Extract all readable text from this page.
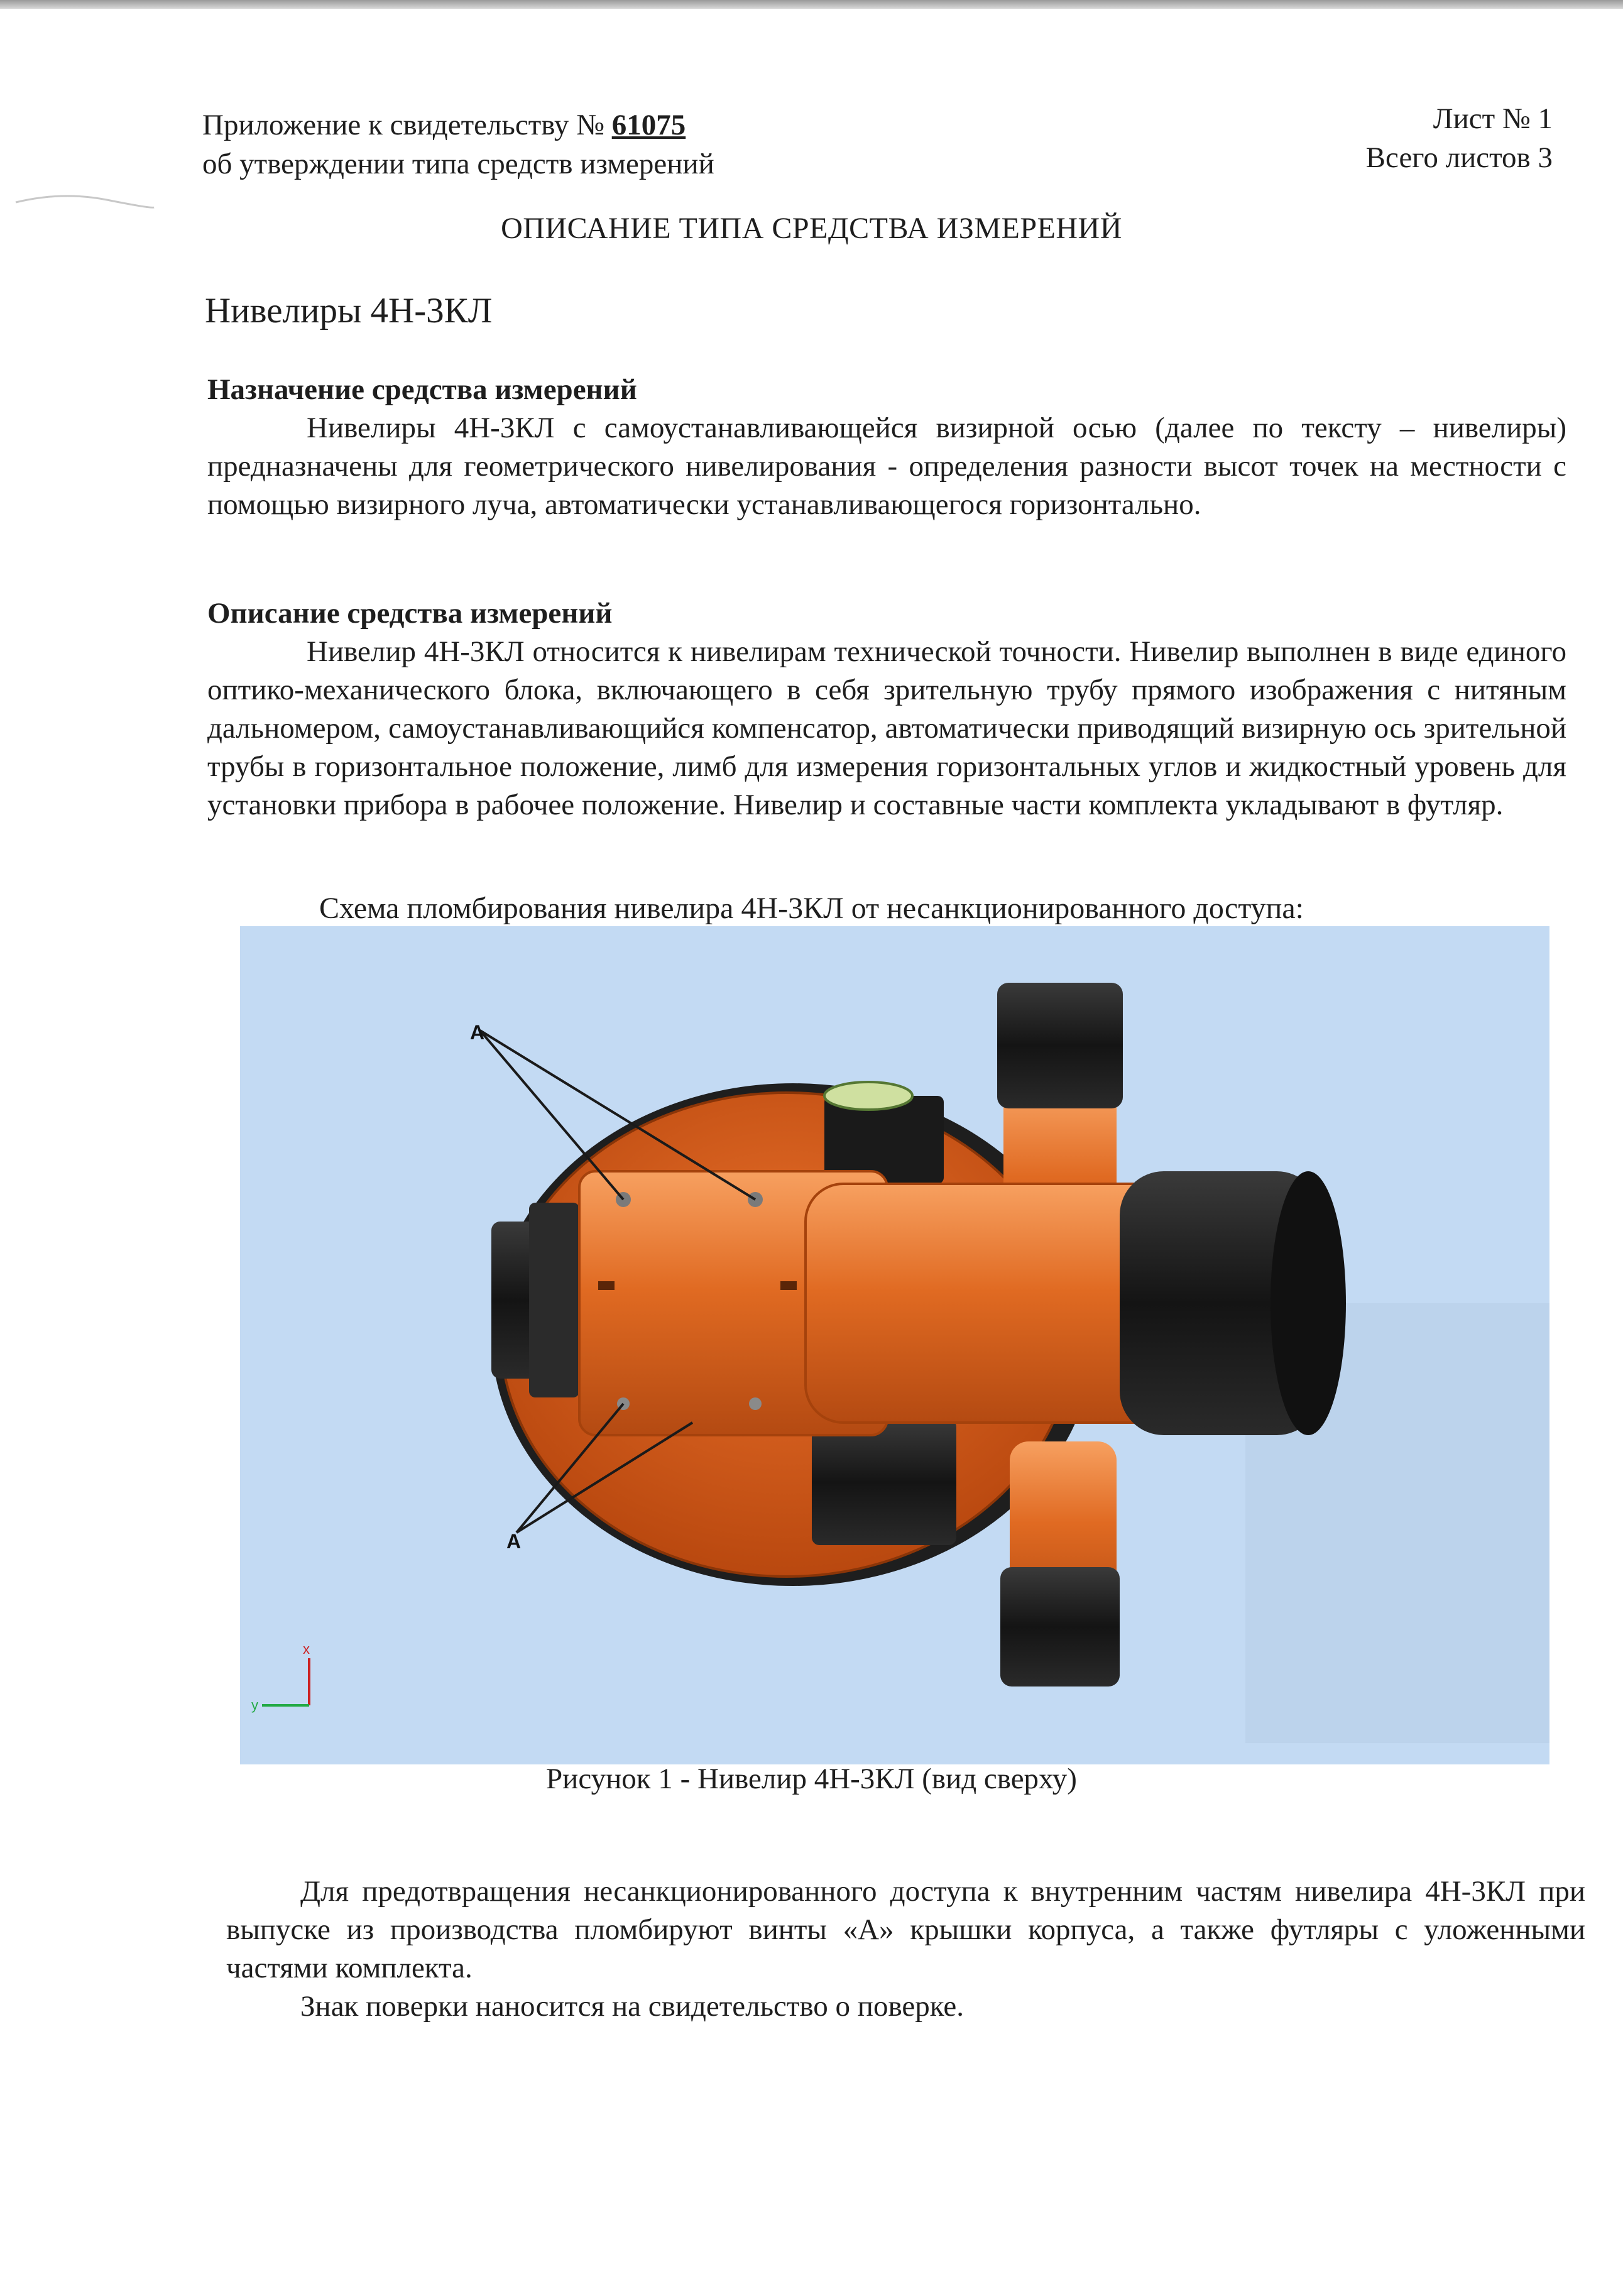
Приложение к свидетельству № 61075
об утверждении типа средств измерений
Лист № 1
Всего листов 3
ОПИСАНИЕ ТИПА СРЕДСТВА ИЗМЕРЕНИЙ
Нивелиры 4Н-3КЛ
Назначение средства измерений

Нивелиры 4Н-3КЛ с самоустанавливающейся визирной осью (далее по тексту – нивелиры) предназначены для геометрического нивелирования - определения разности высот точек на местности с помощью визирного луча, автоматически устанавливающегося горизонтально.

Описание средства измерений

Нивелир 4Н-3КЛ относится к нивелирам технической точности. Нивелир выполнен в виде единого оптико-механического блока, включающего в себя зрительную трубу прямого изображения с нитяным дальномером, самоустанавливающийся компенсатор, автоматически приводящий визирную ось зрительной трубы в горизонтальное положение, лимб для измерения горизонтальных углов и жидкостный уровень для установки прибора в рабочее положение. Нивелир и составные части комплекта укладывают в футляр.

Схема пломбирования нивелира 4Н-3КЛ от несанкционированного доступа:
A
A
x
y
Рисунок 1 - Нивелир 4Н-3КЛ (вид сверху)

Для предотвращения несанкционированного доступа к внутренним частям нивелира 4Н-3КЛ при выпуске из производства пломбируют винты «А» крышки корпуса, а также футляры с уложенными частями комплекта.

Знак поверки наносится на свидетельство о поверке.
